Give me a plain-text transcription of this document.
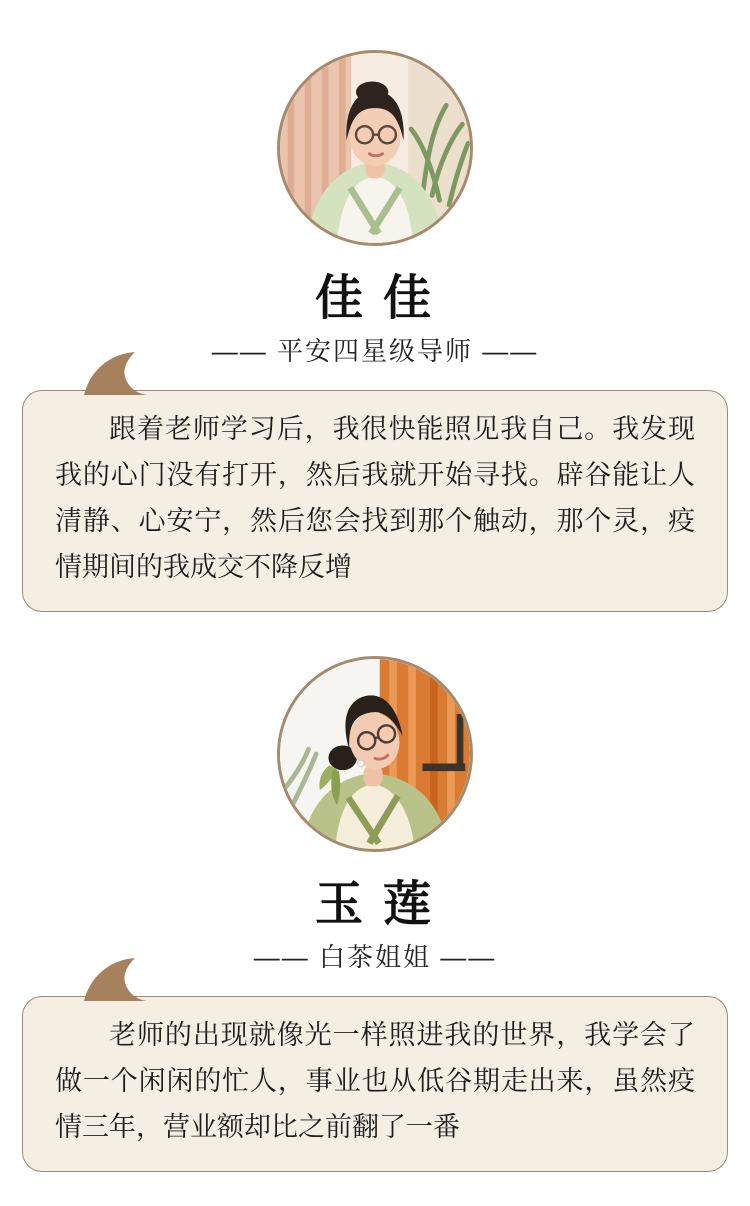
佳 佳
—— 平安四星级导师 ——

跟着老师学习后，我很快能照见我自己。我发现我的心门没有打开，然后我就开始寻找。辟谷能让人清静、心安宁，然后您会找到那个触动，那个灵，疫情期间的我成交不降反增

玉 莲
—— 白茶姐姐 ——

老师的出现就像光一样照进我的世界，我学会了做一个闲闲的忙人，事业也从低谷期走出来，虽然疫情三年，营业额却比之前翻了一番
